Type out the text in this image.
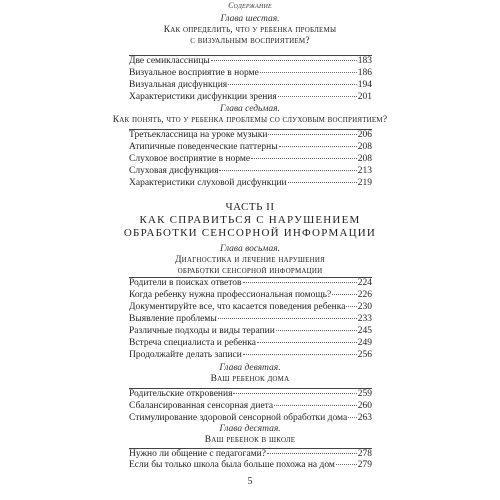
Содержание
Глава шестая.
Как определить, что у ребенка проблемы
с визуальным восприятием?
Две семиклассницы	183
Визуальное восприятие в норме	186
Визуальная дисфункция	194
Характеристики дисфункции зрения	201
Глава седьмая.
Как понять, что у ребенка проблемы со слуховым восприятием?
Третьеклассница на уроке музыки	206
Атипичные поведенческие паттерны	208
Слуховое восприятие в норме	208
Слуховая дисфункция	213
Характеристики слуховой дисфункции	219
ЧАСТЬ II
КАК СПРАВИТЬСЯ С НАРУШЕНИЕМ
ОБРАБОТКИ СЕНСОРНОЙ ИНФОРМАЦИИ
Глава восьмая.
Диагностика и лечение нарушения
обработки сенсорной информации
Родители в поисках ответов	224
Когда ребенку нужна профессиональная помощь?	226
Документируйте все, что касается поведения ребенка 230
Выявление проблемы	233
Различные подходы и виды терапии	245
Встреча специалиста и ребенка	249
Продолжайте делать записи	256
Глава девятая.
Ваш ребенок дома
Родительские откровения	259
Сбалансированная сенсорная диета	260
Стимулирование здоровой сенсорной обработки дома 263
Глава десятая.
Ваш ребенок в школе
Нужно ли общение с педагогами?	278
Если бы только школа была больше похожа на дом 279
5
